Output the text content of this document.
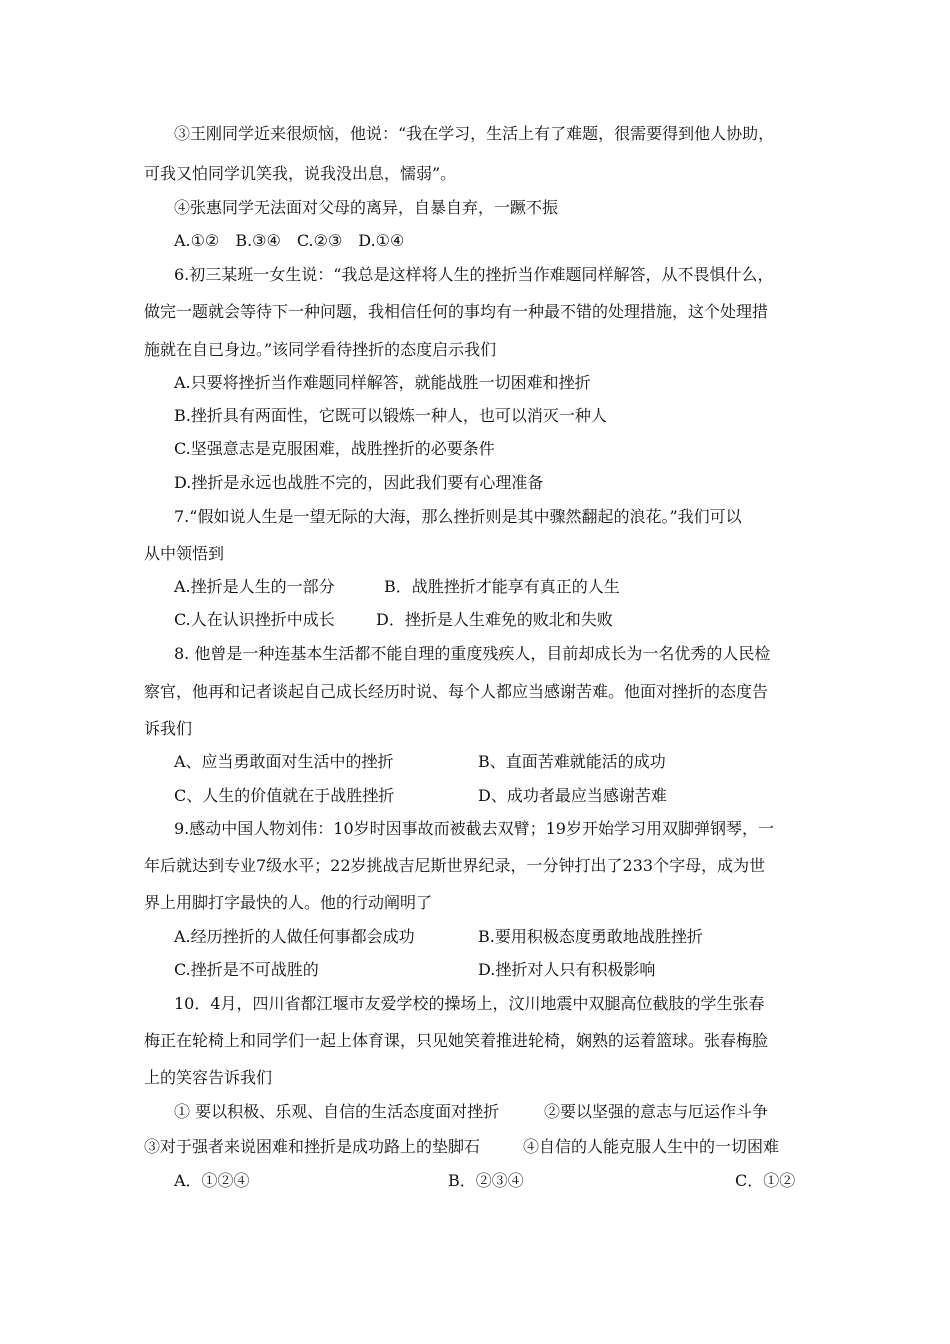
③王刚同学近来很烦恼，他说：“我在学习，生活上有了难题，很需要得到他人协助，
可我又怕同学讥笑我，说我没出息，懦弱”。
④张惠同学无法面对父母的离异，自暴自弃，一蹶不振
A.①②　B.③④　C.②③　D.①④
6.初三某班一女生说：“我总是这样将人生的挫折当作难题同样解答，从不畏惧什么，
做完一题就会等待下一种问题，我相信任何的事均有一种最不错的处理措施，这个处理措
施就在自已身边。”该同学看待挫折的态度启示我们
A.只要将挫折当作难题同样解答，就能战胜一切困难和挫折
B.挫折具有两面性，它既可以锻炼一种人，也可以消灭一种人
C.坚强意志是克服困难，战胜挫折的必要条件
D.挫折是永远也战胜不完的，因此我们要有心理准备
7.“假如说人生是一望无际的大海，那么挫折则是其中骤然翻起的浪花。”我们可以
从中领悟到
A.挫折是人生的一部分	B．战胜挫折才能享有真正的人生
C.人在认识挫折中成长	D．挫折是人生难免的败北和失败
8. 他曾是一种连基本生活都不能自理的重度残疾人，目前却成长为一名优秀的人民检
察官，他再和记者谈起自己成长经历时说、每个人都应当感谢苦难。他面对挫折的态度告
诉我们
A、应当勇敢面对生活中的挫折	B、直面苦难就能活的成功
C、人生的价值就在于战胜挫折	D、成功者最应当感谢苦难
9.感动中国人物刘伟：10岁时因事故而被截去双臂；19岁开始学习用双脚弹钢琴，一
年后就达到专业7级水平；22岁挑战吉尼斯世界纪录，一分钟打出了233个字母，成为世
界上用脚打字最快的人。他的行动阐明了
A.经历挫折的人做任何事都会成功	B.要用积极态度勇敢地战胜挫折
C.挫折是不可战胜的	D.挫折对人只有积极影响
10．4月，四川省都江堰市友爱学校的操场上，汶川地震中双腿高位截肢的学生张春
梅正在轮椅上和同学们一起上体育课，只见她笑着推进轮椅，娴熟的运着篮球。张春梅脸
上的笑容告诉我们
① 要以积极、乐观、自信的生活态度面对挫折	②要以坚强的意志与厄运作斗争
③对于强者来说困难和挫折是成功路上的垫脚石	④自信的人能克服人生中的一切困难
A．①②④	B．②③④	C．①②
